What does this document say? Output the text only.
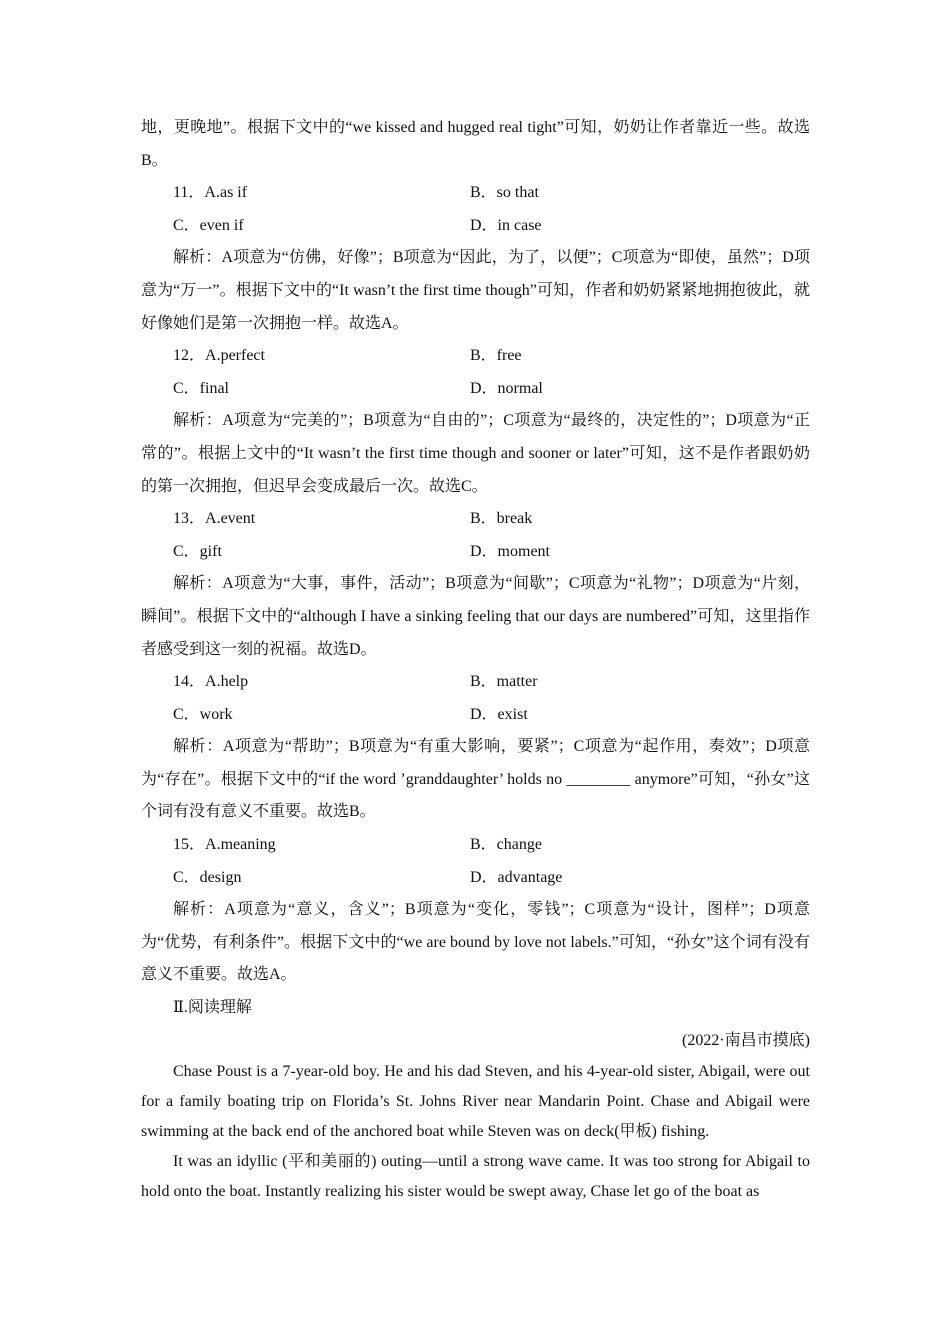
地，更晚地”。根据下文中的“we kissed and hugged real tight”可知，奶奶让作者靠近一些。故选B。

11．A.as if	B．so that
C．even if	D．in case

解析：A项意为“仿佛，好像”；B项意为“因此，为了，以便”；C项意为“即使，虽然”；D项意为“万一”。根据下文中的“It wasn’t the first time though”可知，作者和奶奶紧紧地拥抱彼此，就好像她们是第一次拥抱一样。故选A。

12．A.perfect	B．free
C．final	D．normal

解析：A项意为“完美的”；B项意为“自由的”；C项意为“最终的，决定性的”；D项意为“正常的”。根据上文中的“It wasn’t the first time though and sooner or later”可知，这不是作者跟奶奶的第一次拥抱，但迟早会变成最后一次。故选C。

13．A.event	B．break
C．gift	D．moment

解析：A项意为“大事，事件，活动”；B项意为“间歇”；C项意为“礼物”；D项意为“片刻，瞬间”。根据下文中的“although I have a sinking feeling that our days are numbered”可知，这里指作者感受到这一刻的祝福。故选D。

14．A.help	B．matter
C．work	D．exist

解析：A项意为“帮助”；B项意为“有重大影响，要紧”；C项意为“起作用，奏效”；D项意为“存在”。根据下文中的“if the word ’granddaughter’ holds no ________ anymore”可知，“孙女”这个词有没有意义不重要。故选B。

15．A.meaning	B．change
C．design	D．advantage

解析：A项意为“意义，含义”；B项意为“变化，零钱”；C项意为“设计，图样”；D项意为“优势，有利条件”。根据下文中的“we are bound by love not labels.”可知，“孙女”这个词有没有意义不重要。故选A。

Ⅱ.阅读理解

(2022·南昌市摸底)

Chase Poust is a 7-year-old boy. He and his dad Steven, and his 4-year-old sister, Abigail, were out for a family boating trip on Florida’s St. Johns River near Mandarin Point. Chase and Abigail were swimming at the back end of the anchored boat while Steven was on deck(甲板) fishing.

It was an idyllic (平和美丽的) outing—until a strong wave came. It was too strong for Abigail to hold onto the boat. Instantly realizing his sister would be swept away, Chase let go of the boat as
